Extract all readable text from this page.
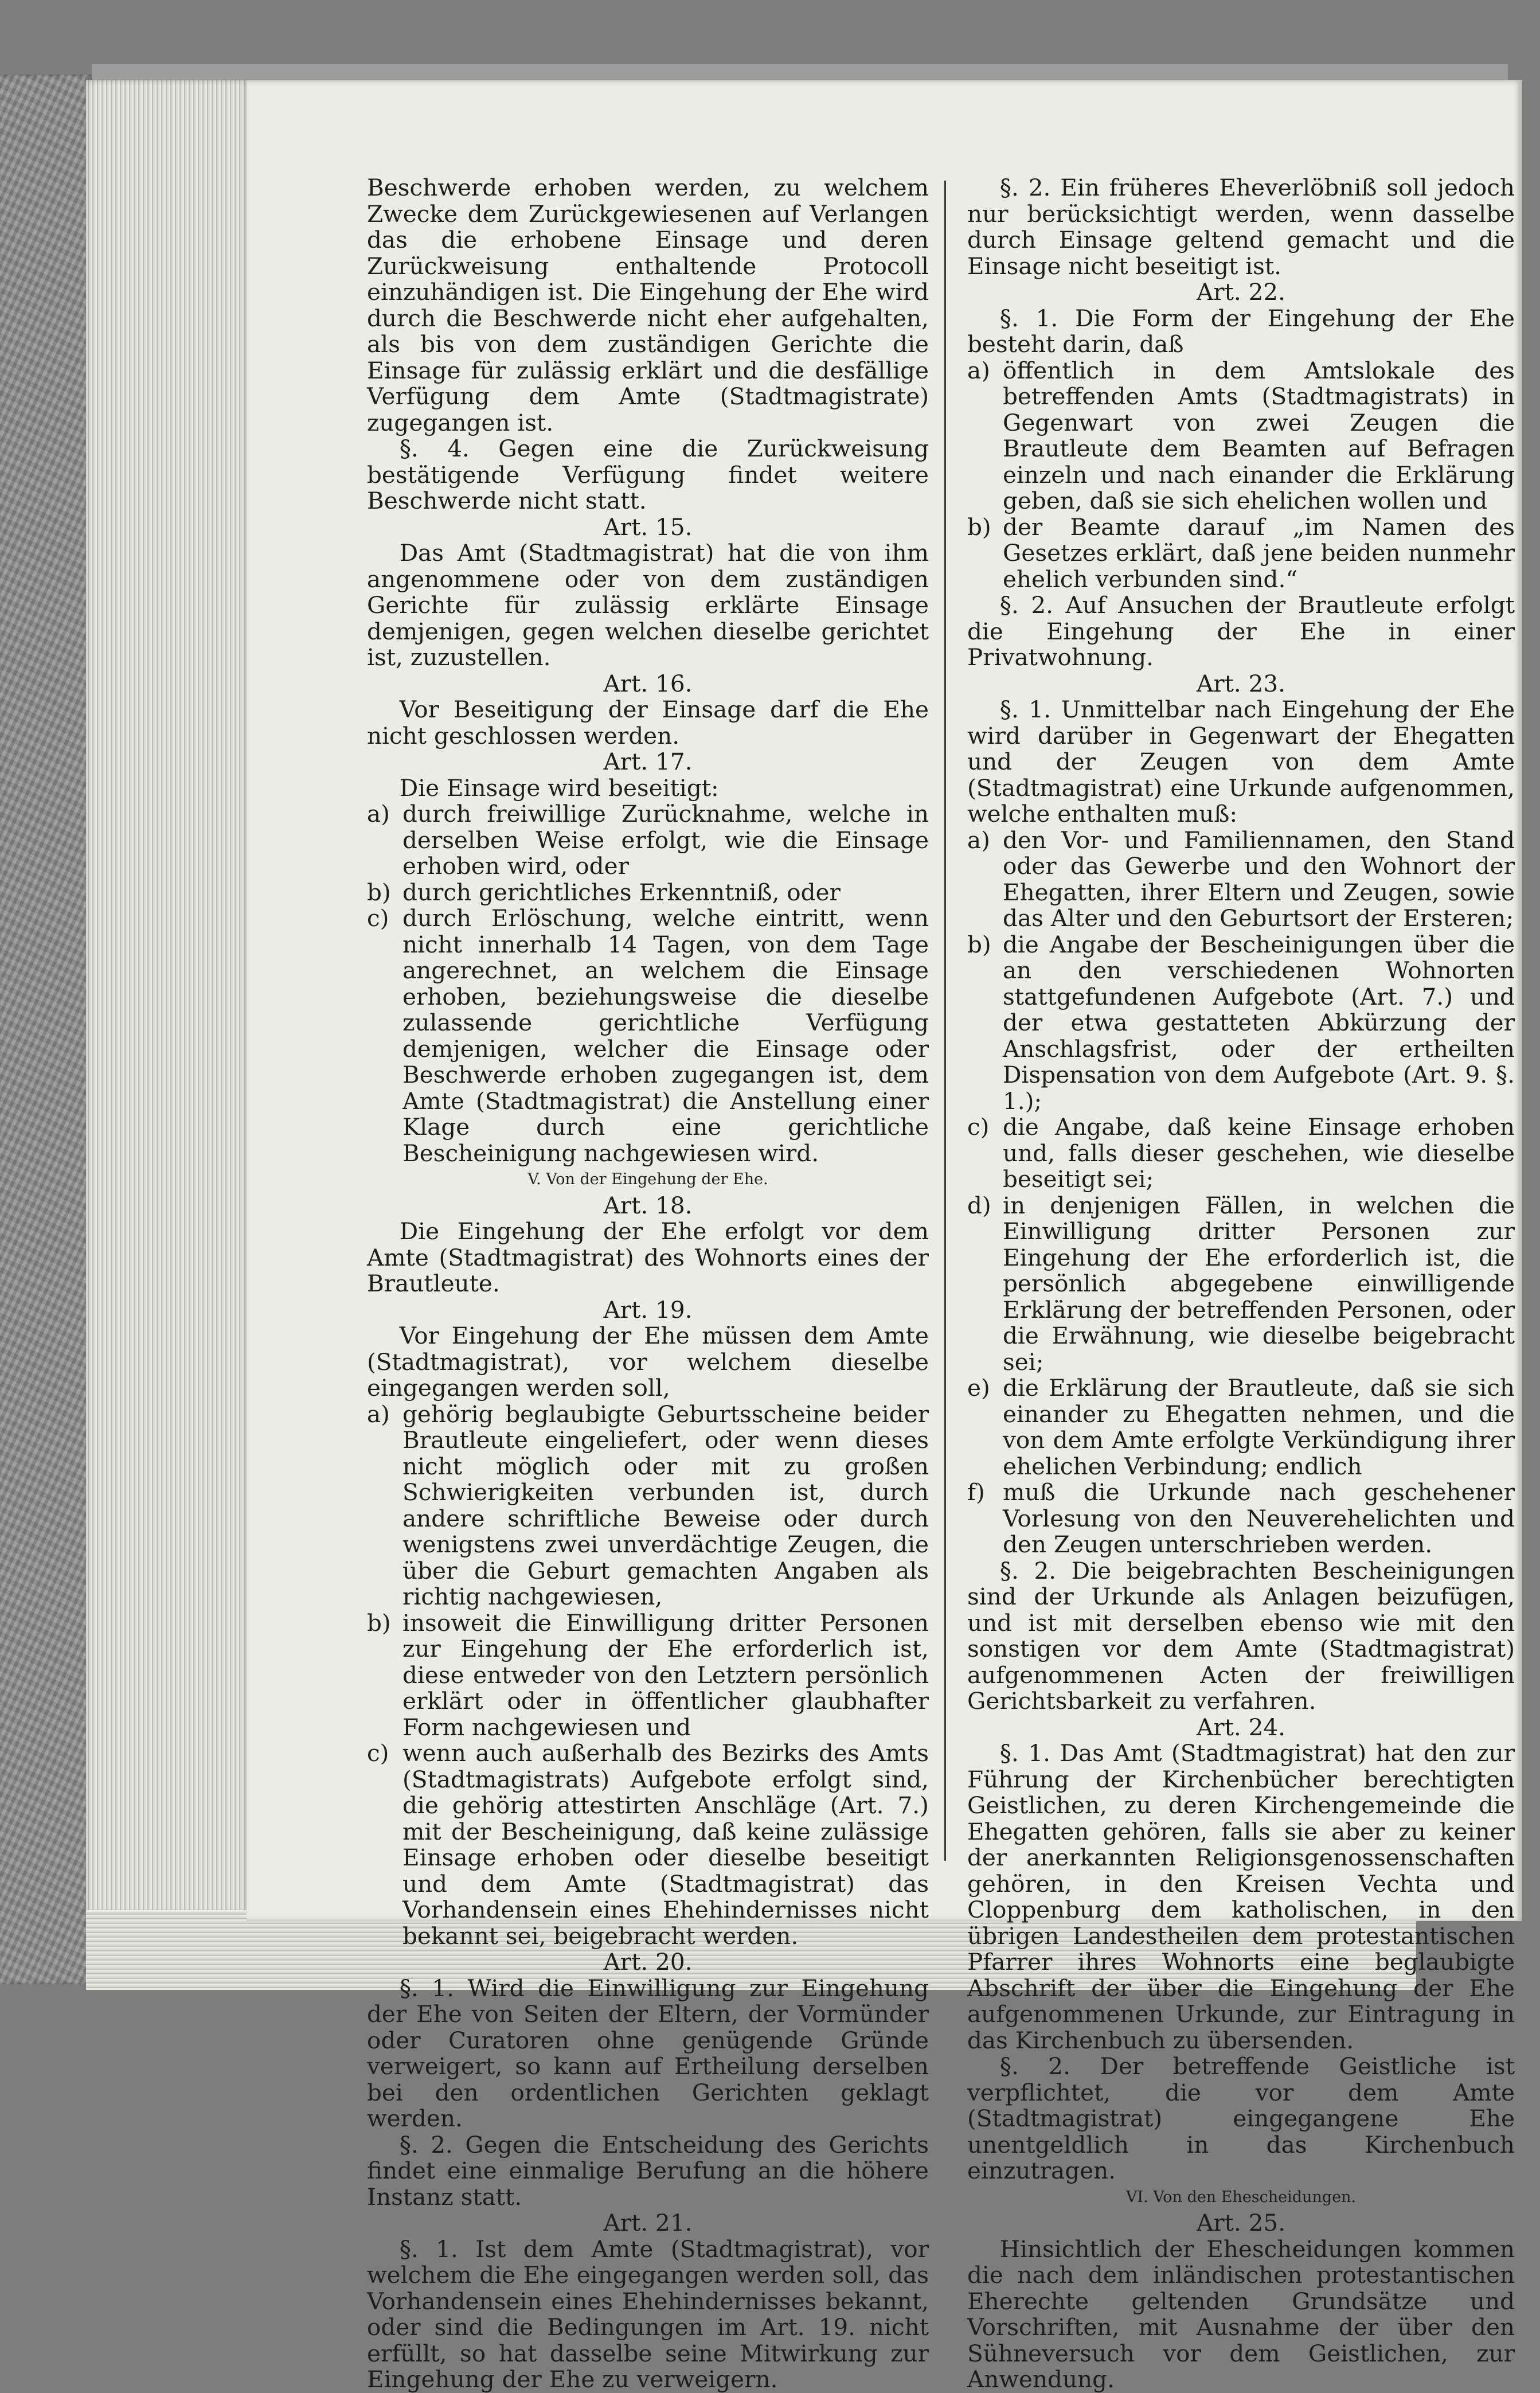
Beschwerde erhoben werden, zu welchem Zwecke dem Zurückgewiesenen auf Verlangen das die erhobene Einsage und deren Zurückweisung enthaltende Protocoll einzuhändigen ist. Die Eingehung der Ehe wird durch die Beschwerde nicht eher aufgehalten, als bis von dem zuständigen Gerichte die Einsage für zulässig erklärt und die desfällige Verfügung dem Amte (Stadtmagistrate) zugegangen ist.

§. 4. Gegen eine die Zurückweisung bestätigende Verfügung findet weitere Beschwerde nicht statt.

Art. 15.

Das Amt (Stadtmagistrat) hat die von ihm angenommene oder von dem zuständigen Gerichte für zulässig erklärte Einsage demjenigen, gegen welchen dieselbe gerichtet ist, zuzustellen.

Art. 16.

Vor Beseitigung der Einsage darf die Ehe nicht geschlossen werden.

Art. 17.

Die Einsage wird beseitigt:

a) durch freiwillige Zurücknahme, welche in derselben Weise erfolgt, wie die Einsage erhoben wird, oder
b) durch gerichtliches Erkenntniß, oder
c) durch Erlöschung, welche eintritt, wenn nicht innerhalb 14 Tagen, von dem Tage angerechnet, an welchem die Einsage erhoben, beziehungsweise die dieselbe zulassende gerichtliche Verfügung demjenigen, welcher die Einsage oder Beschwerde erhoben zugegangen ist, dem Amte (Stadtmagistrat) die Anstellung einer Klage durch eine gerichtliche Bescheinigung nachgewiesen wird.

V. Von der Eingehung der Ehe.

Art. 18.

Die Eingehung der Ehe erfolgt vor dem Amte (Stadtmagistrat) des Wohnorts eines der Brautleute.

Art. 19.

Vor Eingehung der Ehe müssen dem Amte (Stadtmagistrat), vor welchem dieselbe eingegangen werden soll,

a) gehörig beglaubigte Geburtsscheine beider Brautleute eingeliefert, oder wenn dieses nicht möglich oder mit zu großen Schwierigkeiten verbunden ist, durch andere schriftliche Beweise oder durch wenigstens zwei unverdächtige Zeugen, die über die Geburt gemachten Angaben als richtig nachgewiesen,
b) insoweit die Einwilligung dritter Personen zur Eingehung der Ehe erforderlich ist, diese entweder von den Letztern persönlich erklärt oder in öffentlicher glaubhafter Form nachgewiesen und
c) wenn auch außerhalb des Bezirks des Amts (Stadtmagistrats) Aufgebote erfolgt sind, die gehörig attestirten Anschläge (Art. 7.) mit der Bescheinigung, daß keine zulässige Einsage erhoben oder dieselbe beseitigt und dem Amte (Stadtmagistrat) das Vorhandensein eines Ehehindernisses nicht bekannt sei, beigebracht werden.

Art. 20.

§. 1. Wird die Einwilligung zur Eingehung der Ehe von Seiten der Eltern, der Vormünder oder Curatoren ohne genügende Gründe verweigert, so kann auf Ertheilung derselben bei den ordentlichen Gerichten geklagt werden.

§. 2. Gegen die Entscheidung des Gerichts findet eine einmalige Berufung an die höhere Instanz statt.

Art. 21.

§. 1. Ist dem Amte (Stadtmagistrat), vor welchem die Ehe eingegangen werden soll, das Vorhandensein eines Ehehindernisses bekannt, oder sind die Bedingungen im Art. 19. nicht erfüllt, so hat dasselbe seine Mitwirkung zur Eingehung der Ehe zu verweigern.

§. 2. Ein früheres Eheverlöbniß soll jedoch nur berücksichtigt werden, wenn dasselbe durch Einsage geltend gemacht und die Einsage nicht beseitigt ist.

Art. 22.

§. 1. Die Form der Eingehung der Ehe besteht darin, daß

a) öffentlich in dem Amtslokale des betreffenden Amts (Stadtmagistrats) in Gegenwart von zwei Zeugen die Brautleute dem Beamten auf Befragen einzeln und nach einander die Erklärung geben, daß sie sich ehelichen wollen und
b) der Beamte darauf „im Namen des Gesetzes erklärt, daß jene beiden nunmehr ehelich verbunden sind.“

§. 2. Auf Ansuchen der Brautleute erfolgt die Eingehung der Ehe in einer Privatwohnung.

Art. 23.

§. 1. Unmittelbar nach Eingehung der Ehe wird darüber in Gegenwart der Ehegatten und der Zeugen von dem Amte (Stadtmagistrat) eine Urkunde aufgenommen, welche enthalten muß:

a) den Vor- und Familiennamen, den Stand oder das Gewerbe und den Wohnort der Ehegatten, ihrer Eltern und Zeugen, sowie das Alter und den Geburtsort der Ersteren;
b) die Angabe der Bescheinigungen über die an den verschiedenen Wohnorten stattgefundenen Aufgebote (Art. 7.) und der etwa gestatteten Abkürzung der Anschlagsfrist, oder der ertheilten Dispensation von dem Aufgebote (Art. 9. §. 1.);
c) die Angabe, daß keine Einsage erhoben und, falls dieser geschehen, wie dieselbe beseitigt sei;
d) in denjenigen Fällen, in welchen die Einwilligung dritter Personen zur Eingehung der Ehe erforderlich ist, die persönlich abgegebene einwilligende Erklärung der betreffenden Personen, oder die Erwähnung, wie dieselbe beigebracht sei;
e) die Erklärung der Brautleute, daß sie sich einander zu Ehegatten nehmen, und die von dem Amte erfolgte Verkündigung ihrer ehelichen Verbindung; endlich
f) muß die Urkunde nach geschehener Vorlesung von den Neuverehelichten und den Zeugen unterschrieben werden.

§. 2. Die beigebrachten Bescheinigungen sind der Urkunde als Anlagen beizufügen, und ist mit derselben ebenso wie mit den sonstigen vor dem Amte (Stadtmagistrat) aufgenommenen Acten der freiwilligen Gerichtsbarkeit zu verfahren.

Art. 24.

§. 1. Das Amt (Stadtmagistrat) hat den zur Führung der Kirchenbücher berechtigten Geistlichen, zu deren Kirchengemeinde die Ehegatten gehören, falls sie aber zu keiner der anerkannten Religionsgenossenschaften gehören, in den Kreisen Vechta und Cloppenburg dem katholischen, in den übrigen Landestheilen dem protestantischen Pfarrer ihres Wohnorts eine beglaubigte Abschrift der über die Eingehung der Ehe aufgenommenen Urkunde, zur Eintragung in das Kirchenbuch zu übersenden.

§. 2. Der betreffende Geistliche ist verpflichtet, die vor dem Amte (Stadtmagistrat) eingegangene Ehe unentgeldlich in das Kirchenbuch einzutragen.

VI. Von den Ehescheidungen.

Art. 25.

Hinsichtlich der Ehescheidungen kommen die nach dem inländischen protestantischen Eherechte geltenden Grundsätze und Vorschriften, mit Ausnahme der über den Sühneversuch vor dem Geistlichen, zur Anwendung.
